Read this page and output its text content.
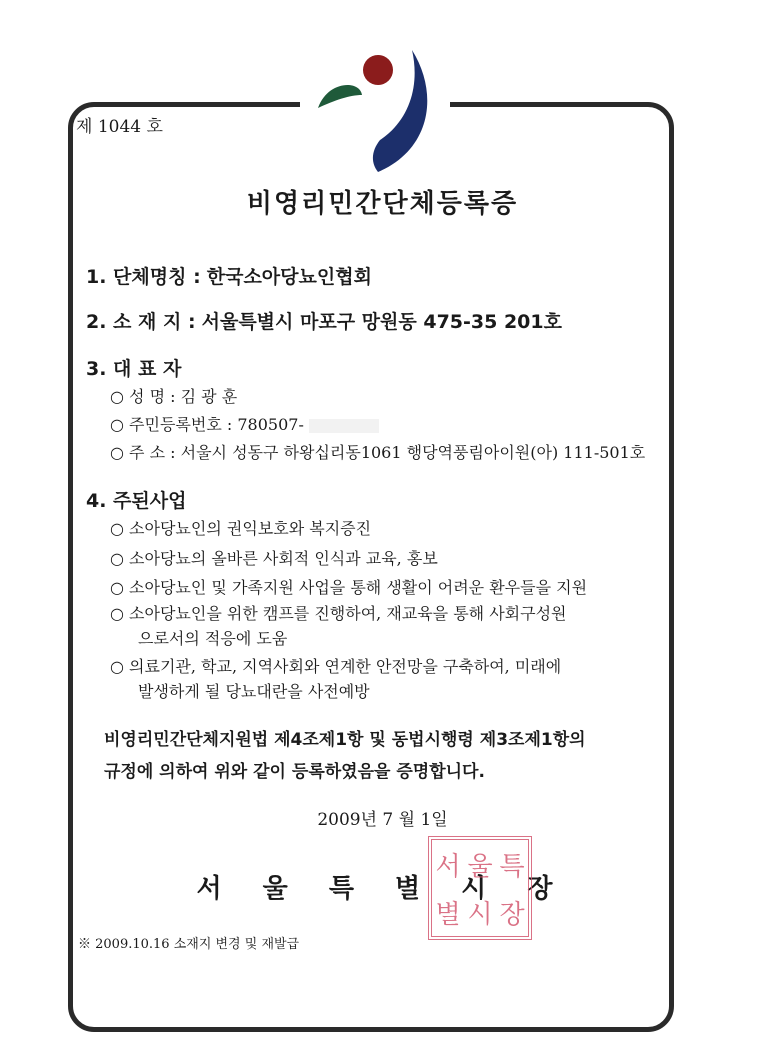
제 1044 호
비영리민간단체등록증
1. 단체명칭 : 한국소아당뇨인협회
2. 소 재 지 : 서울특별시 마포구 망원동 475-35 201호
3. 대 표 자
○ 성 명 : 김 광 훈
○ 주민등록번호 : 780507-
○ 주 소 : 서울시 성동구 하왕십리동1061 행당역풍림아이원(아) 111-501호
4. 주된사업
○ 소아당뇨인의 권익보호와 복지증진
○ 소아당뇨의 올바른 사회적 인식과 교육, 홍보
○ 소아당뇨인 및 가족지원 사업을 통해 생활이 어려운 환우들을 지원
○ 소아당뇨인을 위한 캠프를 진행하여, 재교육을 통해 사회구성원
으로서의 적응에 도움
○ 의료기관, 학교, 지역사회와 연계한 안전망을 구축하여, 미래에
발생하게 될 당뇨대란을 사전예방
비영리민간단체지원법 제4조제1항 및 동법시행령 제3조제1항의
규정에 의하여 위와 같이 등록하였음을 증명합니다.
2009년 7 월 1일
서 울 특 별 시 장
서 울 특
별 시 장
※ 2009.10.16 소재지 변경 및 재발급
